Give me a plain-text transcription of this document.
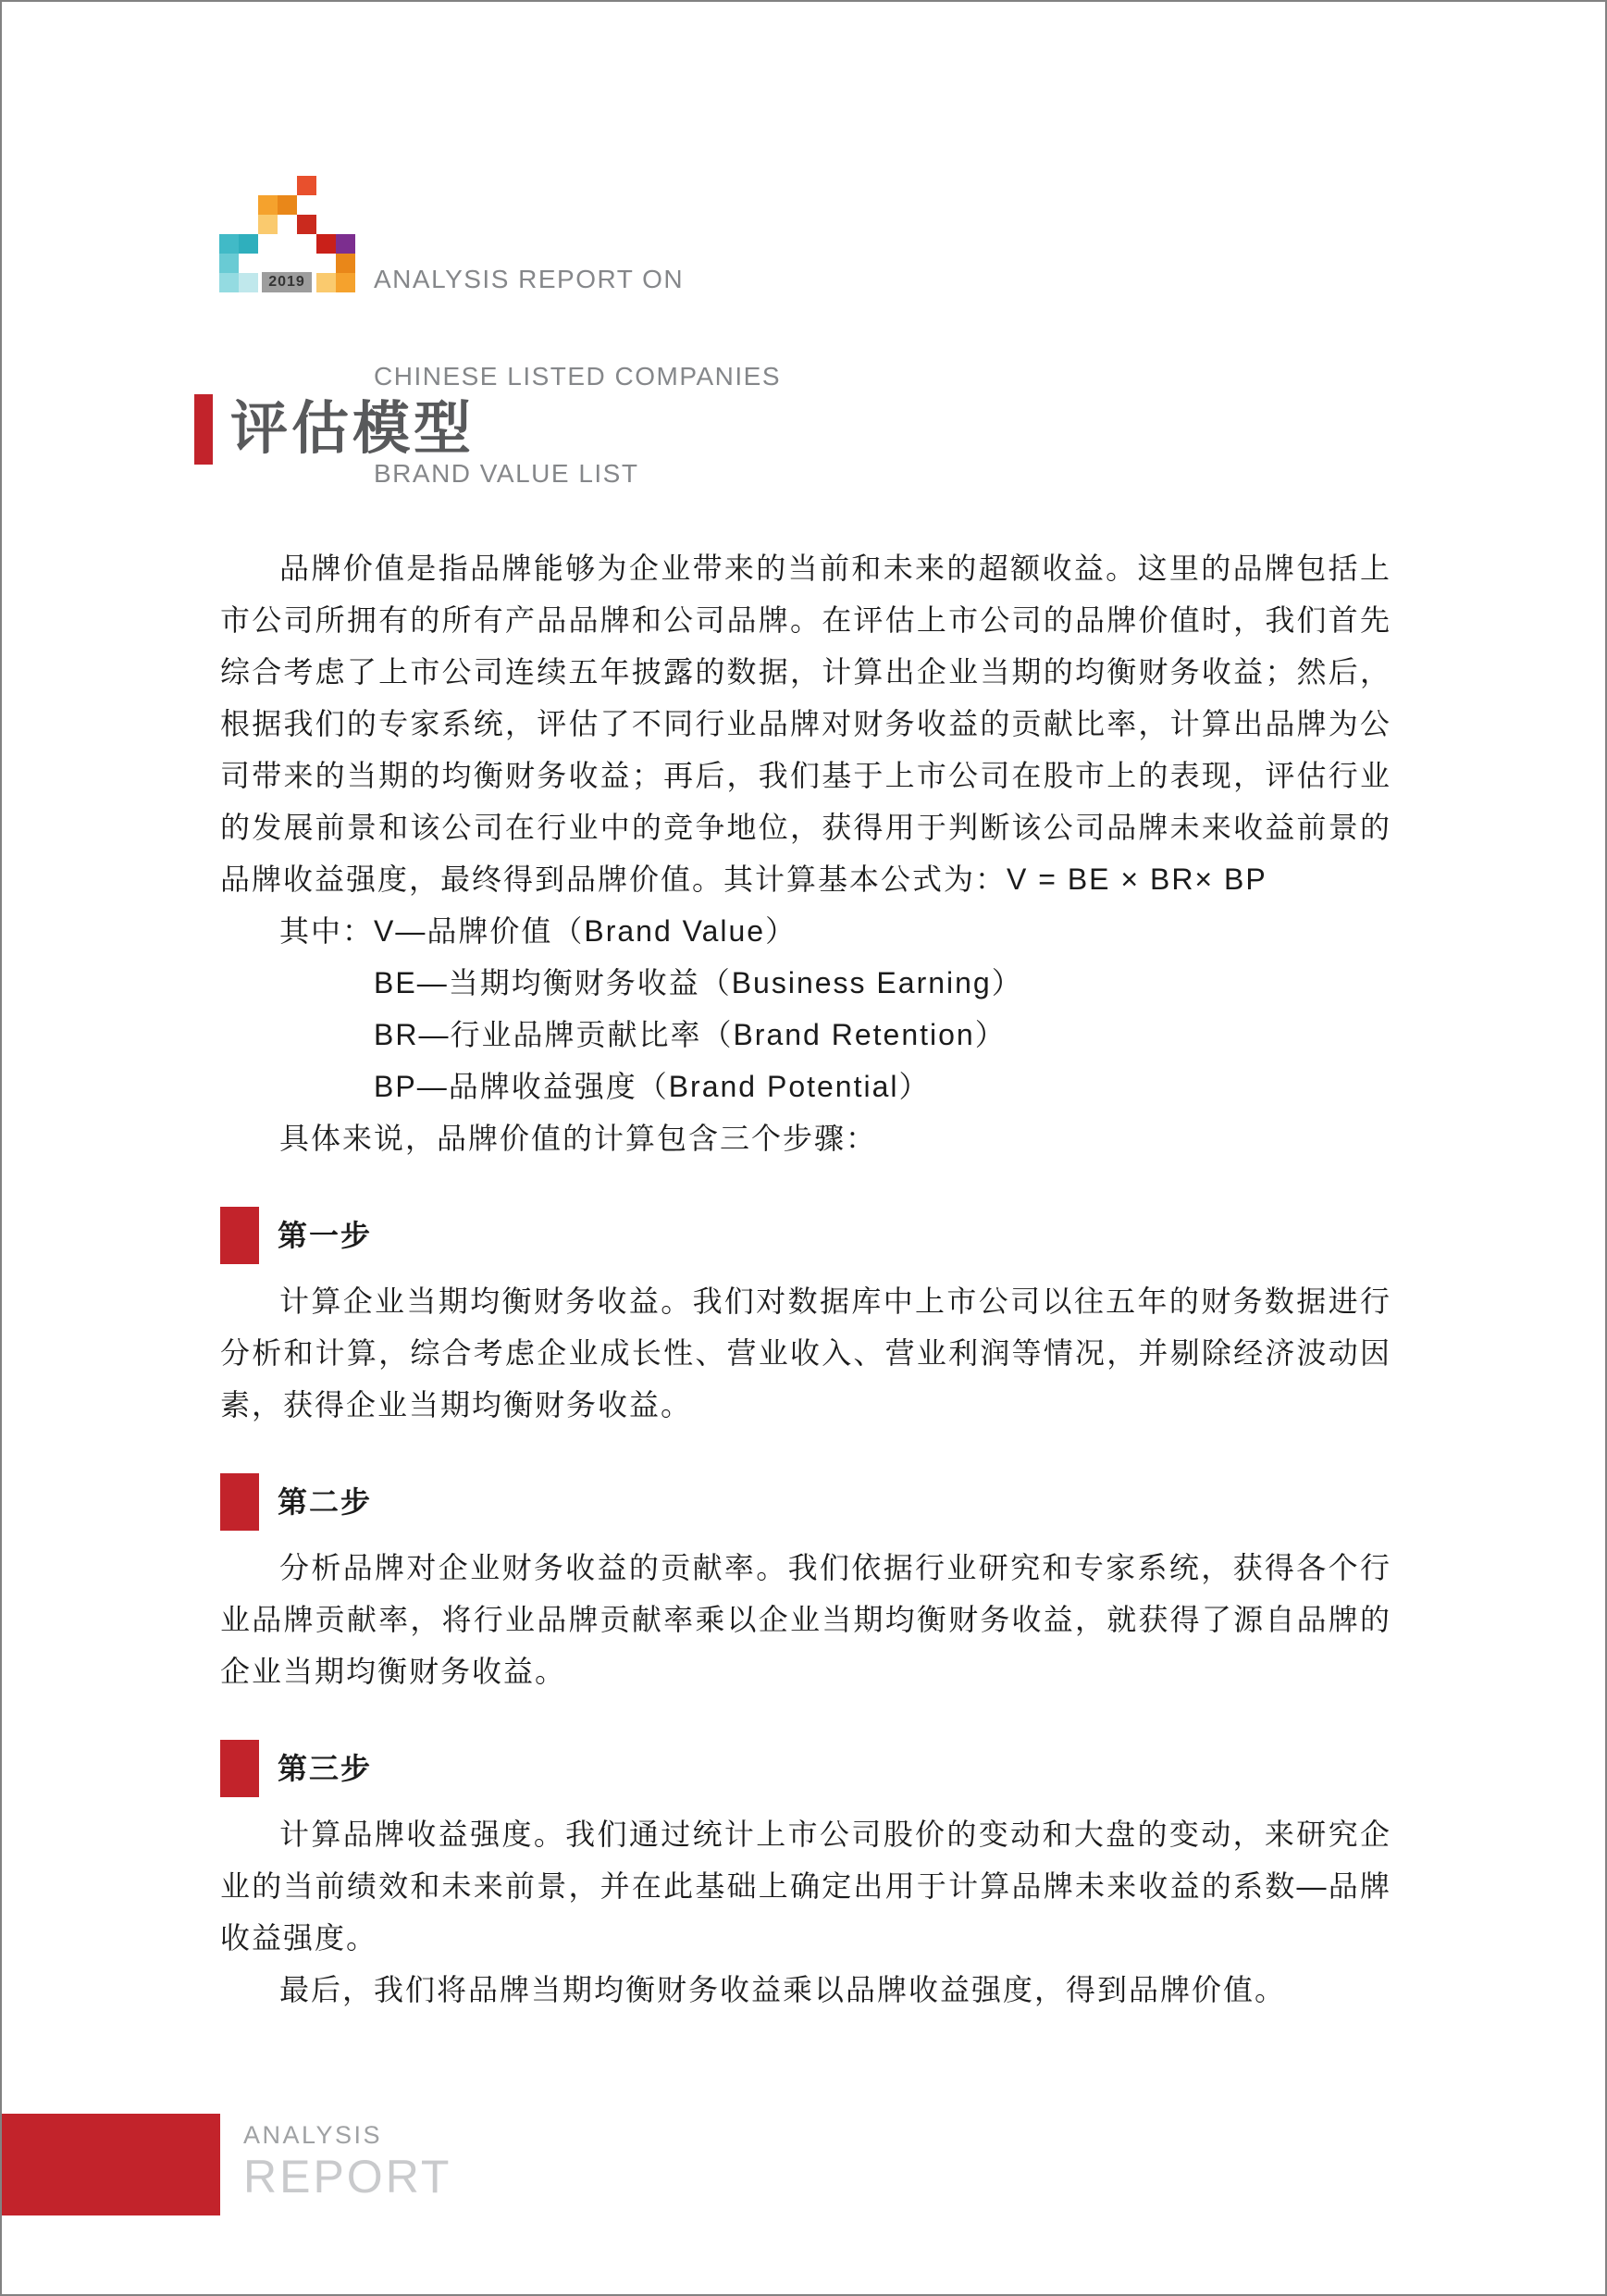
2019

	ANALYSIS REPORT ON

CHINESE LISTED COMPANIES

BRAND VALUE LIST

评估模型

品牌价值是指品牌能够为企业带来的当前和未来的超额收益。这里的品牌包括上市公司所拥有的所有产品品牌和公司品牌。在评估上市公司的品牌价值时，我们首先综合考虑了上市公司连续五年披露的数据，计算出企业当期的均衡财务收益；然后，根据我们的专家系统，评估了不同行业品牌对财务收益的贡献比率，计算出品牌为公司带来的当期的均衡财务收益；再后，我们基于上市公司在股市上的表现，评估行业的发展前景和该公司在行业中的竞争地位，获得用于判断该公司品牌未来收益前景的品牌收益强度，最终得到品牌价值。其计算基本公式为：V = BE × BR× BP

其中：V—品牌价值（Brand Value）
BE—当期均衡财务收益（Business Earning）
BR—行业品牌贡献比率（Brand Retention）
BP—品牌收益强度（Brand Potential）
具体来说，品牌价值的计算包含三个步骤：
第一步

计算企业当期均衡财务收益。我们对数据库中上市公司以往五年的财务数据进行分析和计算，综合考虑企业成长性、营业收入、营业利润等情况，并剔除经济波动因素，获得企业当期均衡财务收益。

第二步

分析品牌对企业财务收益的贡献率。我们依据行业研究和专家系统，获得各个行业品牌贡献率，将行业品牌贡献率乘以企业当期均衡财务收益，就获得了源自品牌的企业当期均衡财务收益。

第三步

计算品牌收益强度。我们通过统计上市公司股价的变动和大盘的变动，来研究企业的当前绩效和未来前景，并在此基础上确定出用于计算品牌未来收益的系数—品牌收益强度。

最后，我们将品牌当期均衡财务收益乘以品牌收益强度，得到品牌价值。

ANALYSIS
REPORT
